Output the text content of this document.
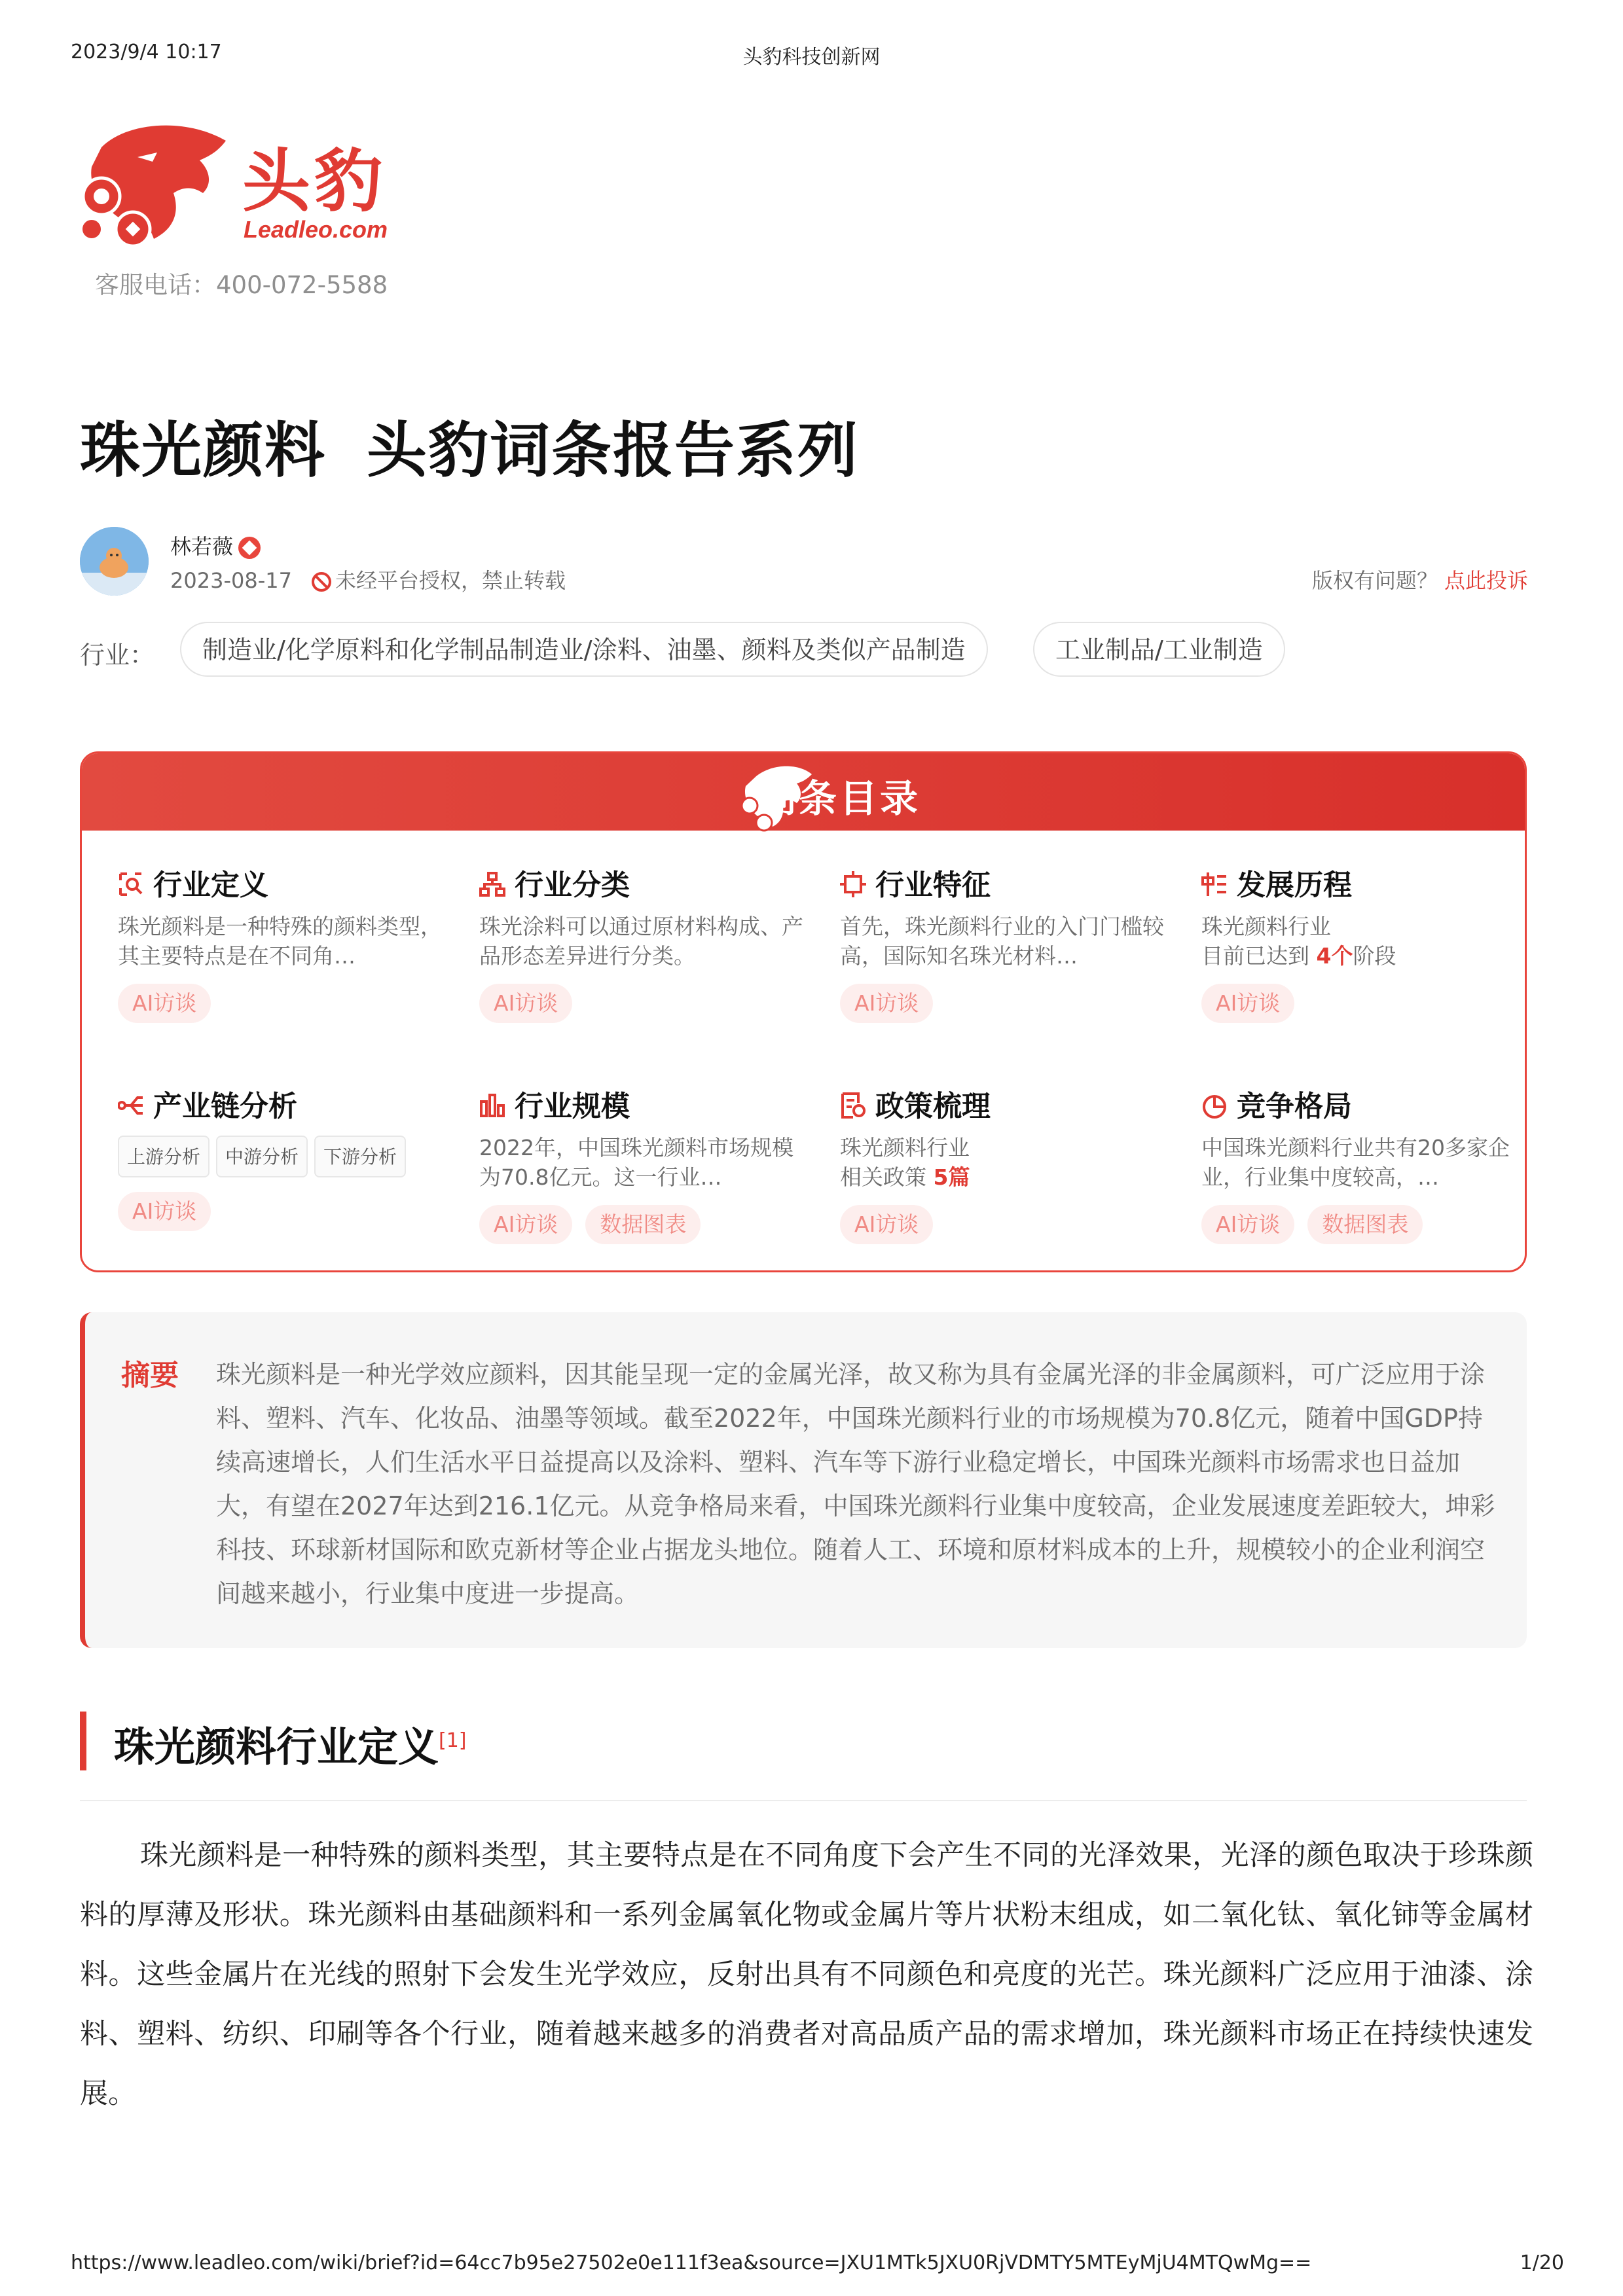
2023/9/4 10:17	头豹科技创新网
头豹
Leadleo.com
客服电话：400-072-5588
珠光颜料 头豹词条报告系列
林若薇
2023-08-17 未经平台授权，禁止转载	版权有问题？ 点此投诉
行业：	制造业/化学原料和化学制品制造业/涂料、油墨、颜料及类似产品制造	工业制品/工业制造
词条目录
行业定义
珠光颜料是一种特殊的颜料类型，其主要特点是在不同角…
AI访谈
行业分类
珠光涂料可以通过原材料构成、产品形态差异进行分类。
AI访谈
行业特征
首先，珠光颜料行业的入门门槛较高，国际知名珠光材料…
AI访谈
发展历程
珠光颜料行业
目前已达到 4个阶段
AI访谈
产业链分析
上游分析 中游分析 下游分析
AI访谈
行业规模
2022年，中国珠光颜料市场规模为70.8亿元。这一行业…
AI访谈 数据图表
政策梳理
珠光颜料行业
相关政策 5篇
AI访谈
竞争格局
中国珠光颜料行业共有20多家企业，行业集中度较高，…
AI访谈 数据图表
摘要 珠光颜料是一种光学效应颜料，因其能呈现一定的金属光泽，故又称为具有金属光泽的非金属颜料，可广泛应用于涂料、塑料、汽车、化妆品、油墨等领域。截至2022年，中国珠光颜料行业的市场规模为70.8亿元，随着中国GDP持续高速增长，人们生活水平日益提高以及涂料、塑料、汽车等下游行业稳定增长，中国珠光颜料市场需求也日益加大，有望在2027年达到216.1亿元。从竞争格局来看，中国珠光颜料行业集中度较高，企业发展速度差距较大，坤彩科技、环球新材国际和欧克新材等企业占据龙头地位。随着人工、环境和原材料成本的上升，规模较小的企业利润空间越来越小，行业集中度进一步提高。
珠光颜料行业定义[1]
珠光颜料是一种特殊的颜料类型，其主要特点是在不同角度下会产生不同的光泽效果，光泽的颜色取决于珍珠颜料的厚薄及形状。珠光颜料由基础颜料和一系列金属氧化物或金属片等片状粉末组成，如二氧化钛、氧化铈等金属材料。这些金属片在光线的照射下会发生光学效应，反射出具有不同颜色和亮度的光芒。珠光颜料广泛应用于油漆、涂料、塑料、纺织、印刷等各个行业，随着越来越多的消费者对高品质产品的需求增加，珠光颜料市场正在持续快速发展。
https://www.leadleo.com/wiki/brief?id=64cc7b95e27502e0e111f3ea&source=JXU1MTk5JXU0RjVDMTY5MTEyMjU4MTQwMg==	1/20
